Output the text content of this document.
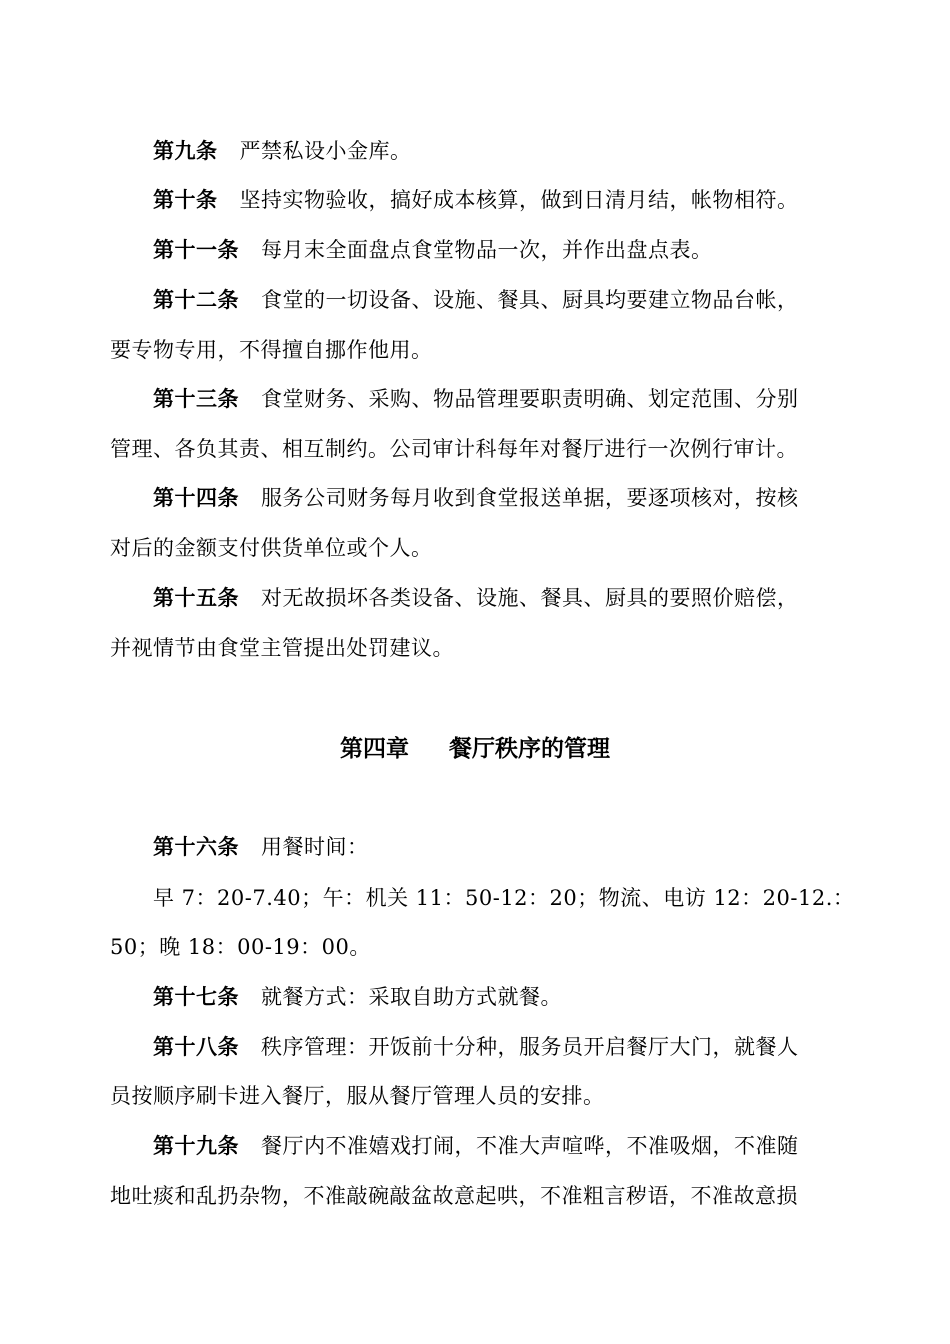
第九条 严禁私设小金库。
第十条 坚持实物验收，搞好成本核算，做到日清月结，帐物相符。
第十一条 每月末全面盘点食堂物品一次，并作出盘点表。
第十二条 食堂的一切设备、设施、餐具、厨具均要建立物品台帐，
要专物专用，不得擅自挪作他用。
第十三条 食堂财务、采购、物品管理要职责明确、划定范围、分别
管理、各负其责、相互制约。公司审计科每年对餐厅进行一次例行审计。
第十四条 服务公司财务每月收到食堂报送单据，要逐项核对，按核
对后的金额支付供货单位或个人。
第十五条 对无故损坏各类设备、设施、餐具、厨具的要照价赔偿，
并视情节由食堂主管提出处罚建议。
第四章 餐厅秩序的管理
第十六条 用餐时间：
早 7：20-7.40；午：机关 11：50-12：20；物流、电访 12：20-12.：
50；晚 18：00-19：00。
第十七条 就餐方式：采取自助方式就餐。
第十八条 秩序管理：开饭前十分种，服务员开启餐厅大门，就餐人
员按顺序刷卡进入餐厅，服从餐厅管理人员的安排。
第十九条 餐厅内不准嬉戏打闹，不准大声喧哗，不准吸烟，不准随
地吐痰和乱扔杂物，不准敲碗敲盆故意起哄，不准粗言秽语，不准故意损
